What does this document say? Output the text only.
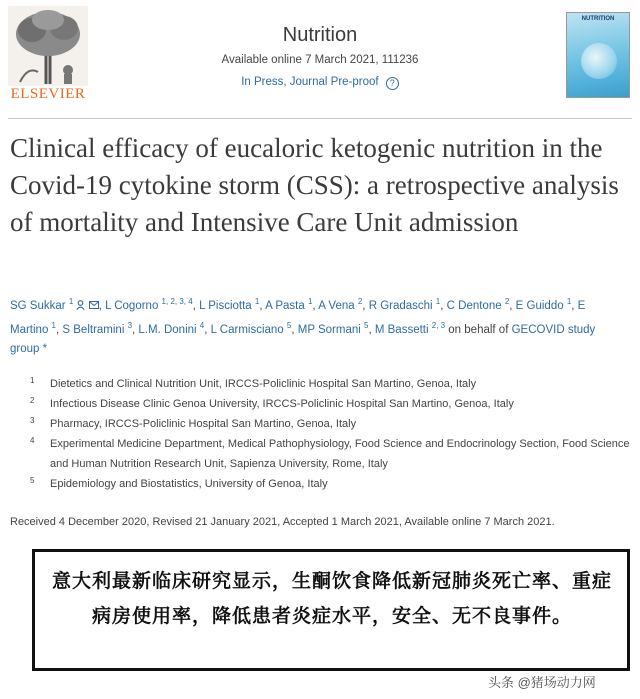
ELSEVIER
Nutrition
Available online 7 March 2021, 111236
In Press, Journal Pre-proof ?
NUTRITION
Clinical efficacy of eucaloric ketogenic nutrition in the Covid-19 cytokine storm (CSS): a retrospective analysis of mortality and Intensive Care Unit admission
SG Sukkar $^1$ , L Cogorno $^{1, 2, 3, 4}$, L Pisciotta $^1$, A Pasta $^1$, A Vena $^2$, R Gradaschi $^1$, C Dentone $^2$, E Guiddo $^1$, E Martino $^1$, S Beltramini $^3$, L.M. Donini $^4$, L Carmisciano $^5$, MP Sormani $^5$, M Bassetti $^{2, 3}$ on behalf of GECOVID study group *
1 Dietetics and Clinical Nutrition Unit, IRCCS-Policlinic Hospital San Martino, Genoa, Italy
2 Infectious Disease Clinic Genoa University, IRCCS-Policlinic Hospital San Martino, Genoa, Italy
3 Pharmacy, IRCCS-Policlinic Hospital San Martino, Genoa, Italy
4 Experimental Medicine Department, Medical Pathophysiology, Food Science and Endocrinology Section, Food Science and Human Nutrition Research Unit, Sapienza University, Rome, Italy
5 Epidemiology and Biostatistics, University of Genoa, Italy
Received 4 December 2020, Revised 21 January 2021, Accepted 1 March 2021, Available online 7 March 2021.
意大利最新临床研究显示，生酮饮食降低新冠肺炎死亡率、重症病房使用率，降低患者炎症水平，安全、无不良事件。
头条 @猪场动力网
